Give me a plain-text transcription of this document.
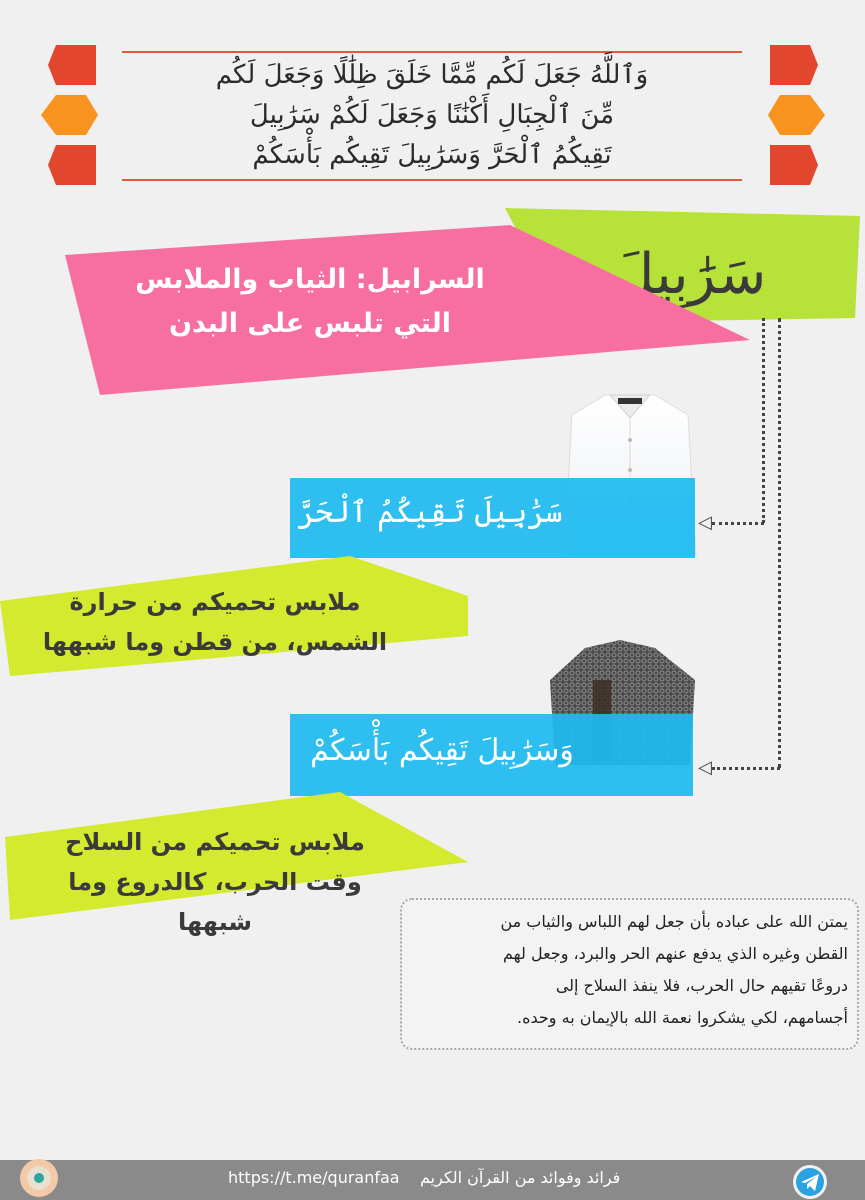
وَٱللَّهُ جَعَلَ لَكُم مِّمَّا خَلَقَ ظِلَٰلًا وَجَعَلَ لَكُم
مِّنَ ٱلْجِبَالِ أَكْنَٰنًا وَجَعَلَ لَكُمْ سَرَٰبِيلَ
تَقِيكُمُ ٱلْحَرَّ وَسَرَٰبِيلَ تَقِيكُم بَأْسَكُمْ
سَرَٰبِيلَ
السرابيل: الثياب والملابس
التي تلبس على البدن
◁
◁
سَرَٰبِيلَ تَقِيكُمُ ٱلْحَرَّ
ملابس تحميكم من حرارة
الشمس، من قطن وما شبهها
وَسَرَٰبِيلَ تَقِيكُم بَأْسَكُمْ
ملابس تحميكم من السلاح
وقت الحرب، كالدروع وما شبهها	يمتن الله على عباده بأن جعل لهم اللباس والثياب من
القطن وغيره الذي يدفع عنهم الحر والبرد، وجعل لهم
دروعًا تقيهم حال الحرب، فلا ينفذ السلاح إلى
أجسامهم، لكي يشكروا نعمة الله بالإيمان به وحده.
https://t.me/quranfaa فرائد وفوائد من القرآن الكريم
